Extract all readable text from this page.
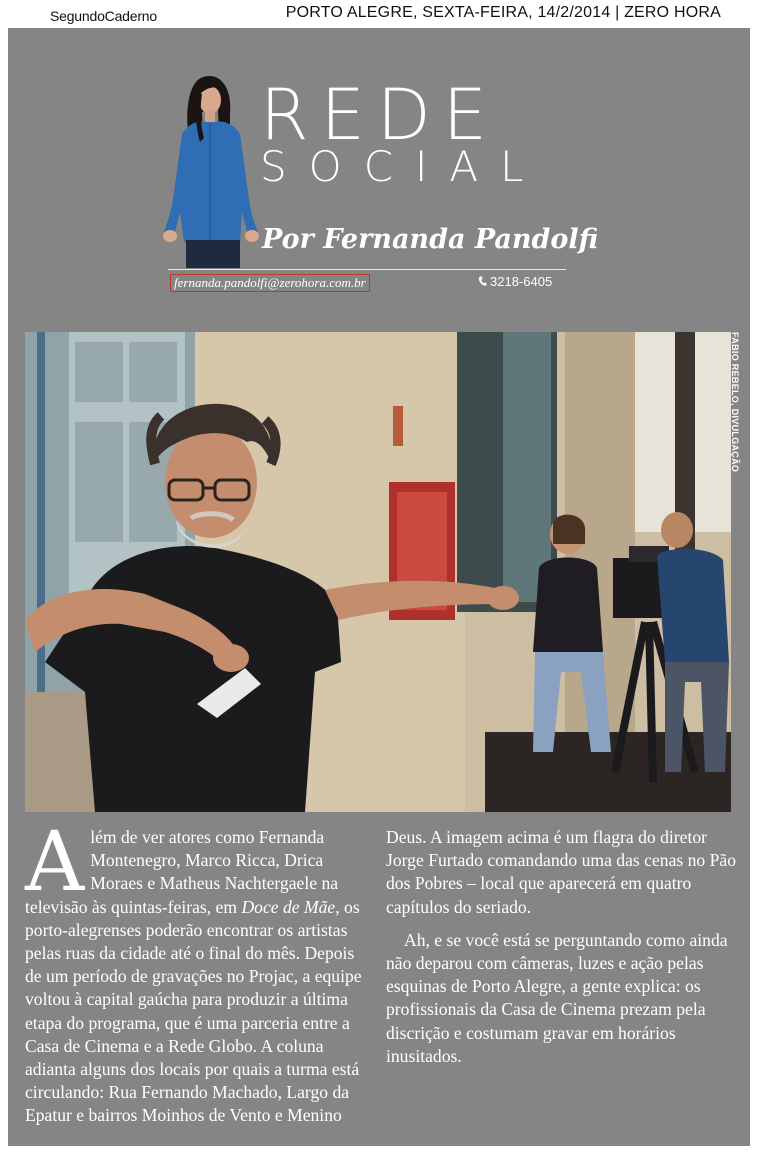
SegundoCaderno	PORTO ALEGRE, SEXTA-FEIRA, 14/2/2014 | ZERO HORA
REDE
SOCIAL
Por Fernanda Pandolfi
fernanda.pandolfi@zerohora.com.br	3218-6405
FABIO REBELO, DIVULGAÇÃO

Além de ver atores como Fernanda Montenegro, Marco Ricca, Drica Moraes e Matheus Nachtergaele na televisão às quintas-feiras, em Doce de Mãe, os porto-alegrenses poderão encontrar os artistas pelas ruas da cidade até o final do mês. Depois de um período de gravações no Projac, a equipe voltou à capital gaúcha para produzir a última etapa do programa, que é uma parceria entre a Casa de Cinema e a Rede Globo. A coluna adianta alguns dos locais por quais a turma está circulando: Rua Fernando Machado, Largo da Epatur e bairros Moinhos de Vento e Menino

Deus. A imagem acima é um flagra do diretor Jorge Furtado comandando uma das cenas no Pão dos Pobres – local que aparecerá em quatro capítulos do seriado.

Ah, e se você está se perguntando como ainda não deparou com câmeras, luzes e ação pelas esquinas de Porto Alegre, a gente explica: os profissionais da Casa de Cinema prezam pela discrição e costumam gravar em horários inusitados.
